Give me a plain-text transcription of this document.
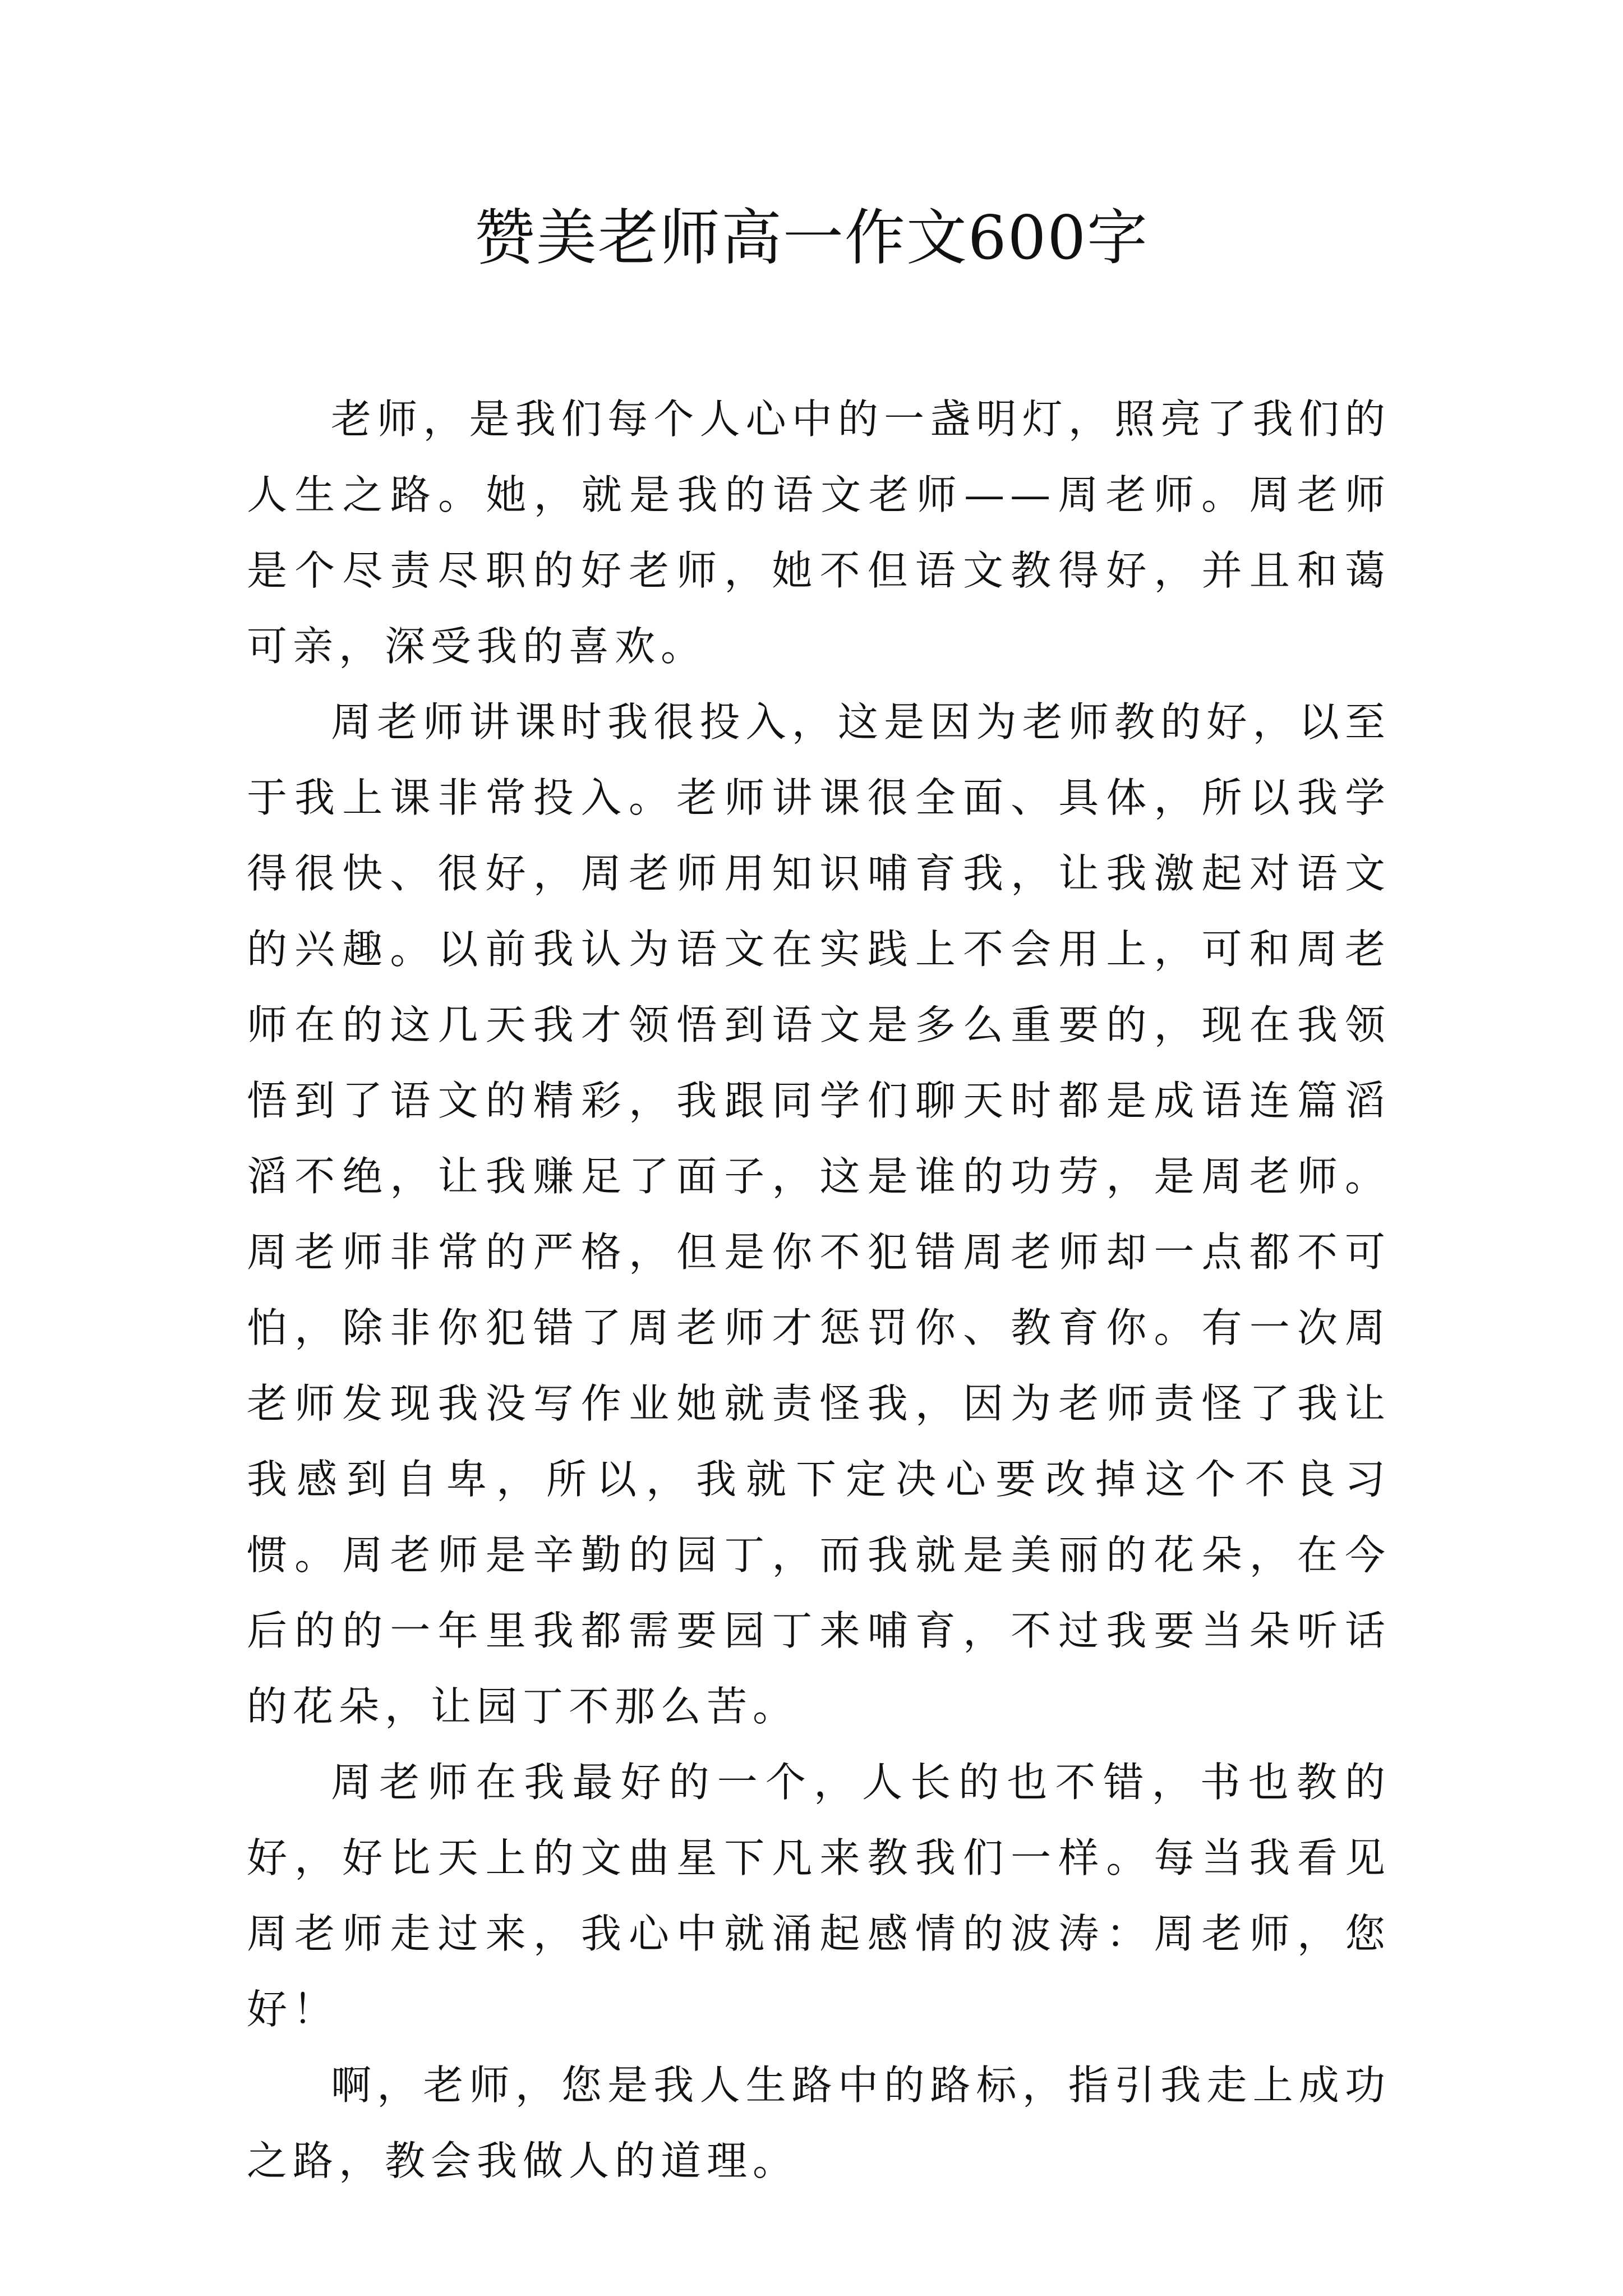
赞美老师高一作文600字

老师，是我们每个人心中的一盏明灯，照亮了我们的人生之路。她，就是我的语文老师——周老师。周老师是个尽责尽职的好老师，她不但语文教得好，并且和蔼可亲，深受我的喜欢。

周老师讲课时我很投入，这是因为老师教的好，以至于我上课非常投入。老师讲课很全面、具体，所以我学得很快、很好，周老师用知识哺育我，让我激起对语文的兴趣。以前我认为语文在实践上不会用上，可和周老师在的这几天我才领悟到语文是多么重要的，现在我领悟到了语文的精彩，我跟同学们聊天时都是成语连篇滔滔不绝，让我赚足了面子，这是谁的功劳，是周老师。周老师非常的严格，但是你不犯错周老师却一点都不可怕，除非你犯错了周老师才惩罚你、教育你。有一次周老师发现我没写作业她就责怪我，因为老师责怪了我让我感到自卑，所以，我就下定决心要改掉这个不良习惯。周老师是辛勤的园丁，而我就是美丽的花朵，在今后的的一年里我都需要园丁来哺育，不过我要当朵听话的花朵，让园丁不那么苦。

周老师在我最好的一个，人长的也不错，书也教的好，好比天上的文曲星下凡来教我们一样。每当我看见周老师走过来，我心中就涌起感情的波涛：周老师，您好！

啊，老师，您是我人生路中的路标，指引我走上成功之路，教会我做人的道理。
